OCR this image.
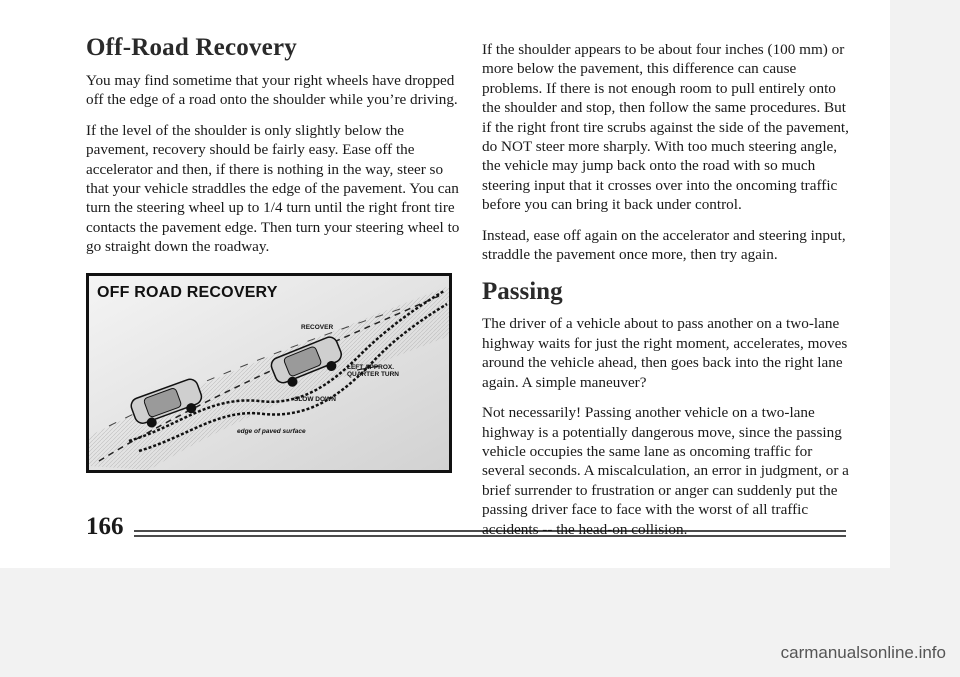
Off-Road Recovery

You may find sometime that your right wheels have dropped off the edge of a road onto the shoulder while you’re driving.

If the level of the shoulder is only slightly below the pavement, recovery should be fairly easy. Ease off the accelerator and then, if there is nothing in the way, steer so that your vehicle straddles the edge of the pavement. You can turn the steering wheel up to 1/4 turn until the right front tire contacts the pavement edge. Then turn your steering wheel to go straight down the roadway.

OFF ROAD RECOVERY
RECOVER
LEFT APPROX.
QUARTER TURN
SLOW DOWN
edge of paved surface

If the shoulder appears to be about four inches (100 mm) or more below the pavement, this difference can cause problems. If there is not enough room to pull entirely onto the shoulder and stop, then follow the same procedures. But if the right front tire scrubs against the side of the pavement, do NOT steer more sharply. With too much steering angle, the vehicle may jump back onto the road with so much steering input that it crosses over into the oncoming traffic before you can bring it back under control.

Instead, ease off again on the accelerator and steering input, straddle the pavement once more, then try again.

Passing

The driver of a vehicle about to pass another on a two-lane highway waits for just the right moment, accelerates, moves around the vehicle ahead, then goes back into the right lane again. A simple maneuver?

Not necessarily! Passing another vehicle on a two-lane highway is a potentially dangerous move, since the passing vehicle occupies the same lane as oncoming traffic for several seconds. A miscalculation, an error in judgment, or a brief surrender to frustration or anger can suddenly put the passing driver face to face with the worst of all traffic accidents -- the head-on collision.

166
carmanualsonline.info
